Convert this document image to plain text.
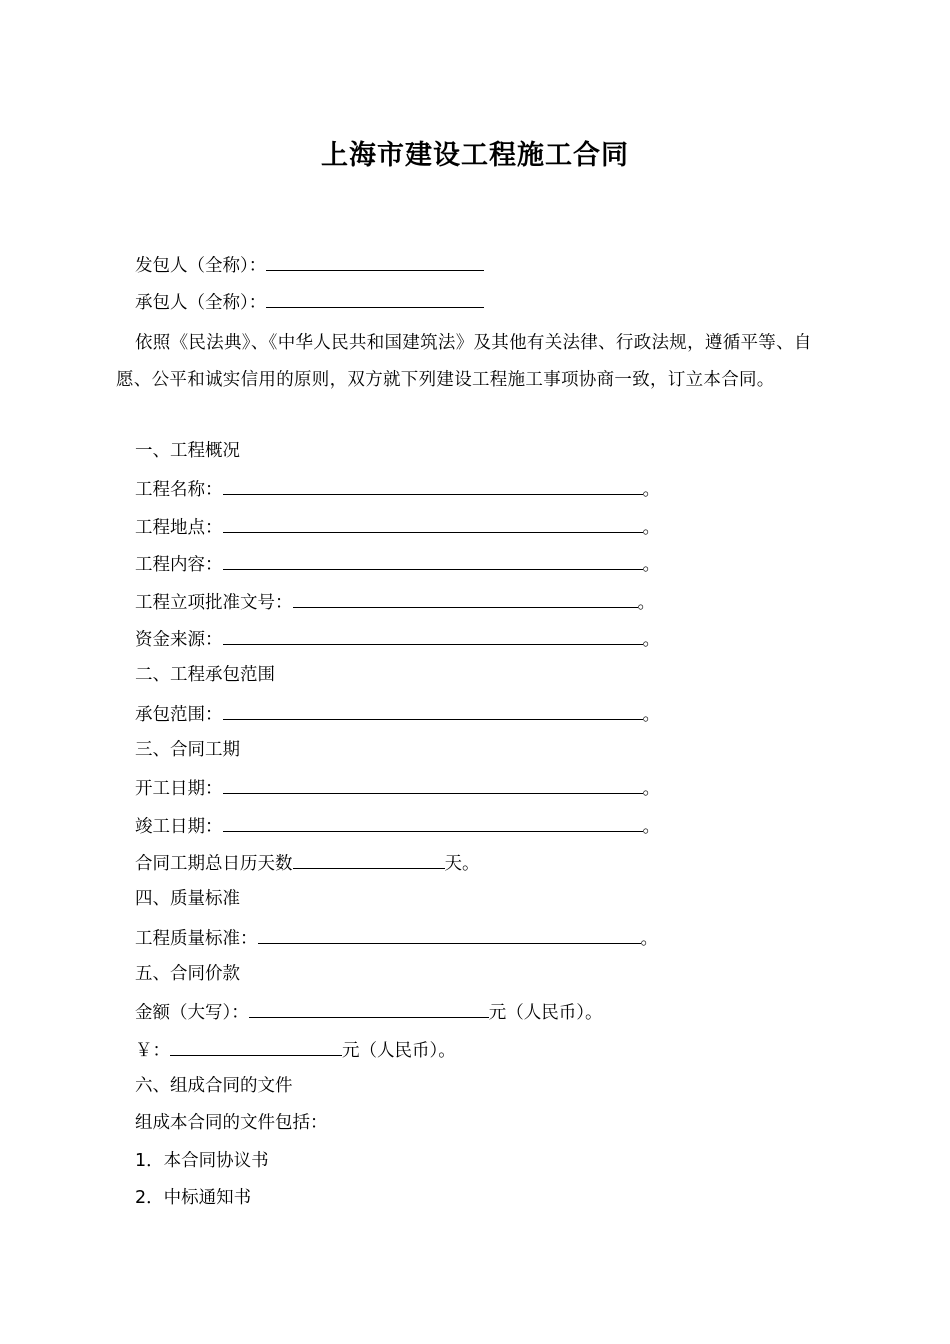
上海市建设工程施工合同
发包人（全称）：
承包人（全称）：
依照《民法典》、《中华人民共和国建筑法》及其他有关法律、行政法规，遵循平等、自愿、公平和诚实信用的原则，双方就下列建设工程施工事项协商一致，订立本合同。
一、工程概况
工程名称：	。
工程地点：	。
工程内容：	。
工程立项批准文号：	。
资金来源：	。
二、工程承包范围
承包范围：	。
三、合同工期
开工日期：	。
竣工日期：	。
合同工期总日历天数	天。
四、质量标准
工程质量标准：	。
五、合同价款
金额（大写）：	元（人民币）。
￥：	元（人民币）。
六、组成合同的文件
组成本合同的文件包括：
1．本合同协议书
2．中标通知书
